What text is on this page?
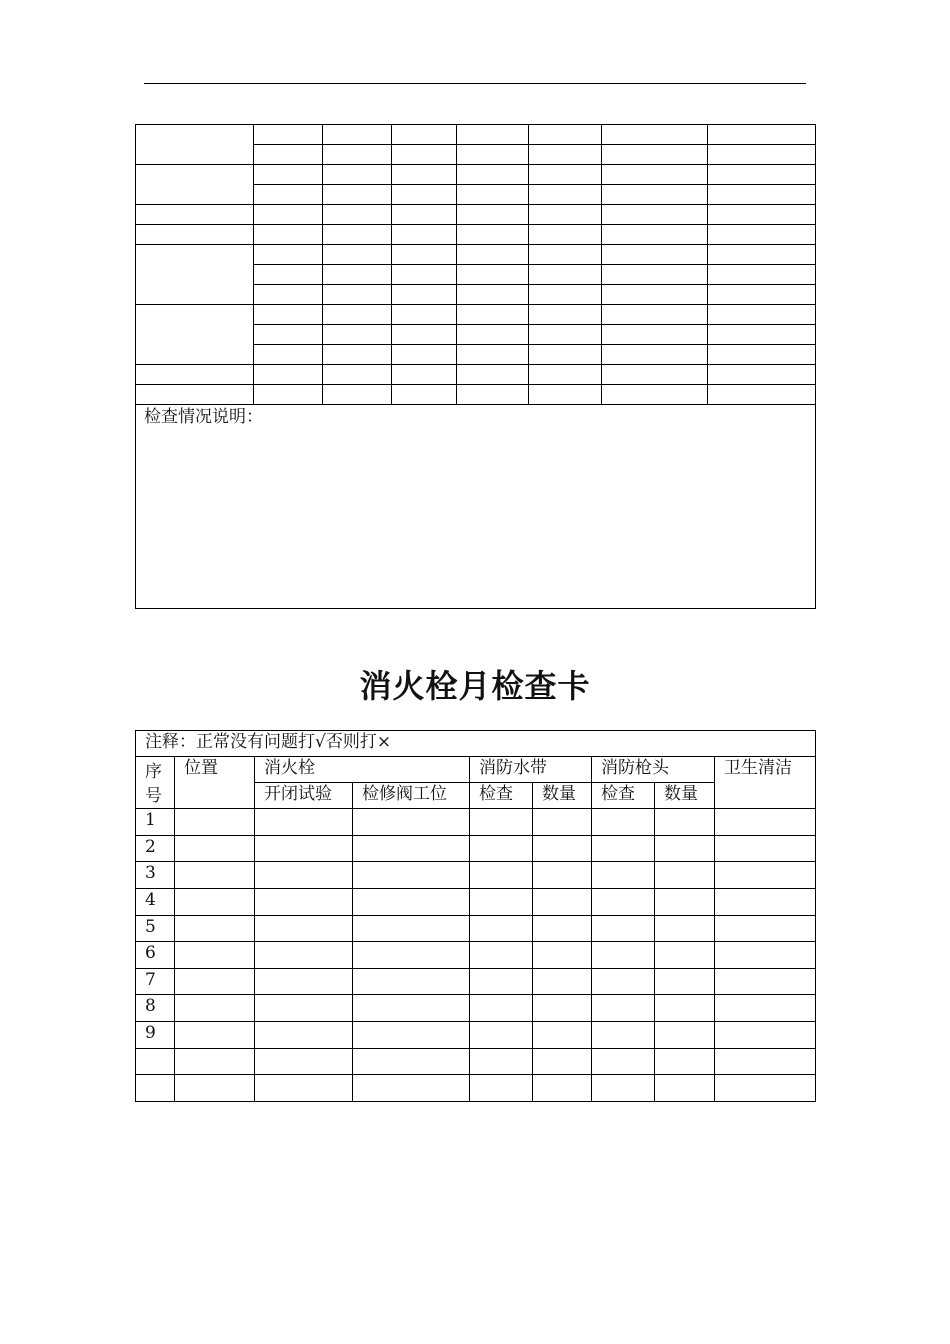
检查情况说明：							
消火栓月检查卡
注释：正常没有问题打√否则打×								

序
号	位置	消火栓		消防水带		消防枪头		卫生清洁
		开闭试验	检修阀工位	检查	数量	检查	数量	
1								
2								
3								
4								
5								
6								
7								
8								
9								
